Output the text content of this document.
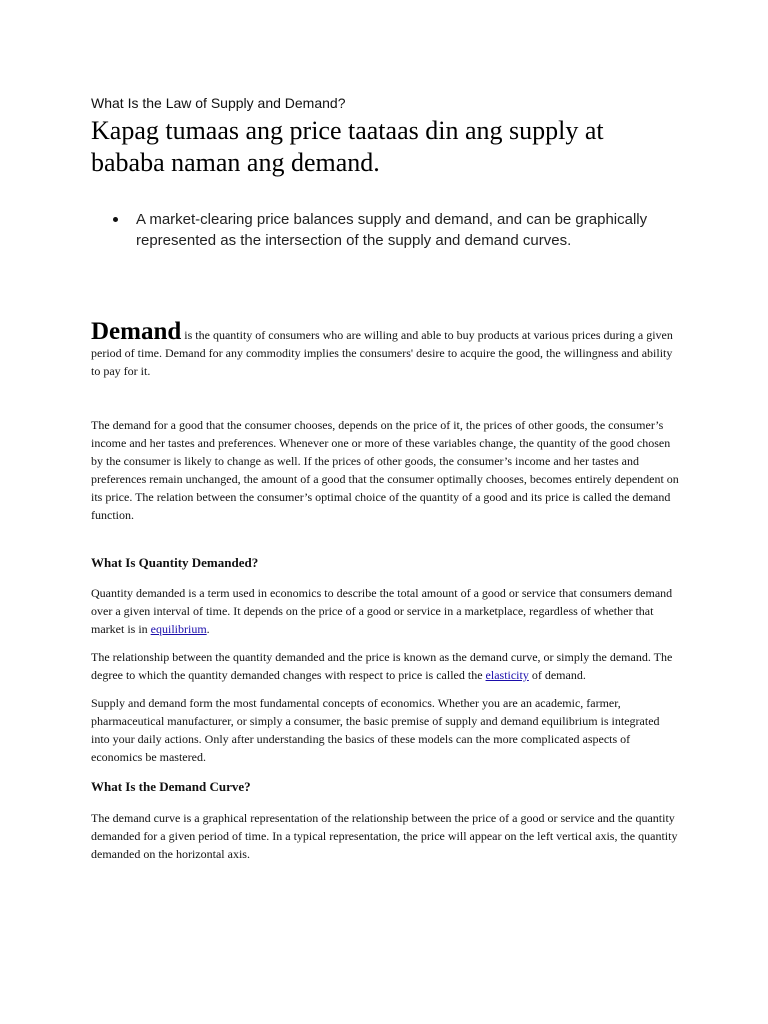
What Is the Law of Supply and Demand?

Kapag tumaas ang price taataas din ang supply at bababa naman ang demand.
A market-clearing price balances supply and demand, and can be graphically represented as the intersection of the supply and demand curves.

Demand is the quantity of consumers who are willing and able to buy products at various prices during a given period of time. Demand for any commodity implies the consumers' desire to acquire the good, the willingness and ability to pay for it.

The demand for a good that the consumer chooses, depends on the price of it, the prices of other goods, the consumer’s income and her tastes and preferences. Whenever one or more of these variables change, the quantity of the good chosen by the consumer is likely to change as well. If the prices of other goods, the consumer’s income and her tastes and preferences remain unchanged, the amount of a good that the consumer optimally chooses, becomes entirely dependent on its price. The relation between the consumer’s optimal choice of the quantity of a good and its price is called the demand function.

What Is Quantity Demanded?

Quantity demanded is a term used in economics to describe the total amount of a good or service that consumers demand over a given interval of time. It depends on the price of a good or service in a marketplace, regardless of whether that market is in equilibrium.

The relationship between the quantity demanded and the price is known as the demand curve, or simply the demand. The degree to which the quantity demanded changes with respect to price is called the elasticity of demand.

Supply and demand form the most fundamental concepts of economics. Whether you are an academic, farmer, pharmaceutical manufacturer, or simply a consumer, the basic premise of supply and demand equilibrium is integrated into your daily actions. Only after understanding the basics of these models can the more complicated aspects of economics be mastered.

What Is the Demand Curve?

The demand curve is a graphical representation of the relationship between the price of a good or service and the quantity demanded for a given period of time. In a typical representation, the price will appear on the left vertical axis, the quantity demanded on the horizontal axis.
